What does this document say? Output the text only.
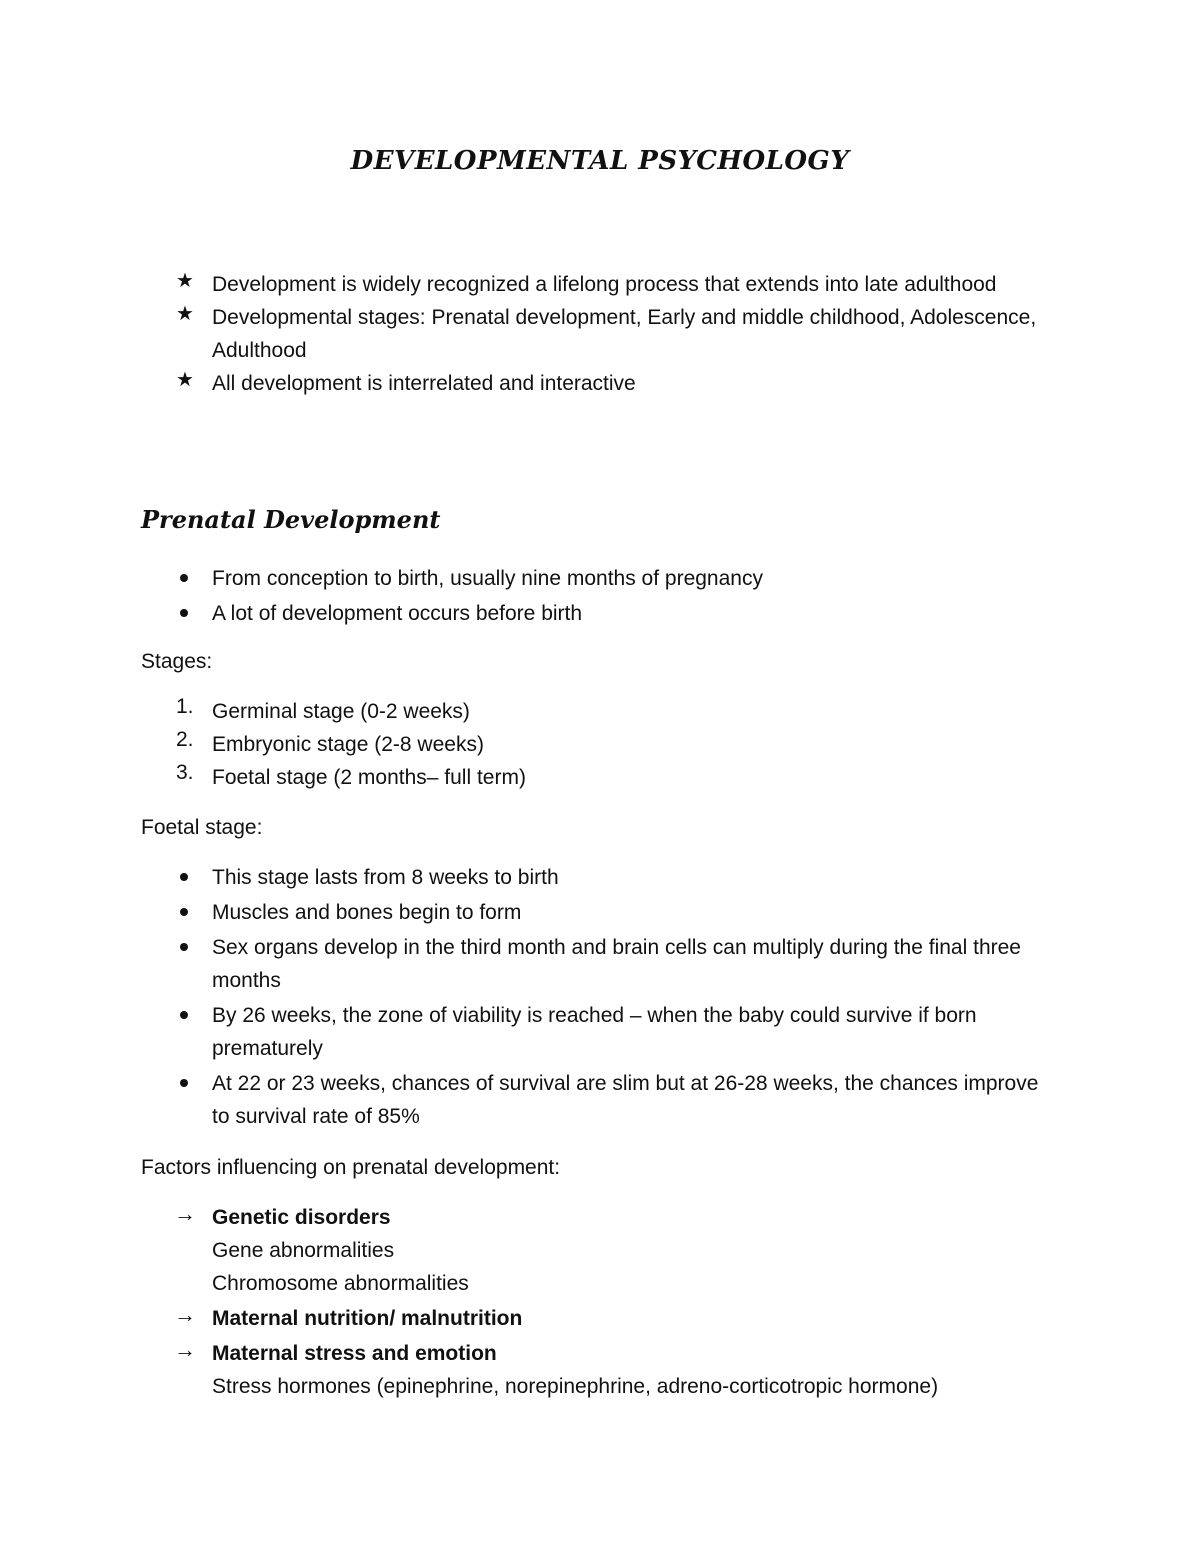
DEVELOPMENTAL PSYCHOLOGY
★ Development is widely recognized a lifelong process that extends into late adulthood
★ Developmental stages: Prenatal development, Early and middle childhood, Adolescence, Adulthood
★ All development is interrelated and interactive
Prenatal Development
From conception to birth, usually nine months of pregnancy
A lot of development occurs before birth

Stages:

1. Germinal stage (0-2 weeks)
2. Embryonic stage (2-8 weeks)
3. Foetal stage (2 months– full term)

Foetal stage:

This stage lasts from 8 weeks to birth
Muscles and bones begin to form
Sex organs develop in the third month and brain cells can multiply during the final three months
By 26 weeks, the zone of viability is reached – when the baby could survive if born prematurely
At 22 or 23 weeks, chances of survival are slim but at 26-28 weeks, the chances improve to survival rate of 85%

Factors influencing on prenatal development:

→ Genetic disorders
Gene abnormalities
Chromosome abnormalities
→ Maternal nutrition/ malnutrition
→ Maternal stress and emotion
Stress hormones (epinephrine, norepinephrine, adreno-corticotropic hormone)
